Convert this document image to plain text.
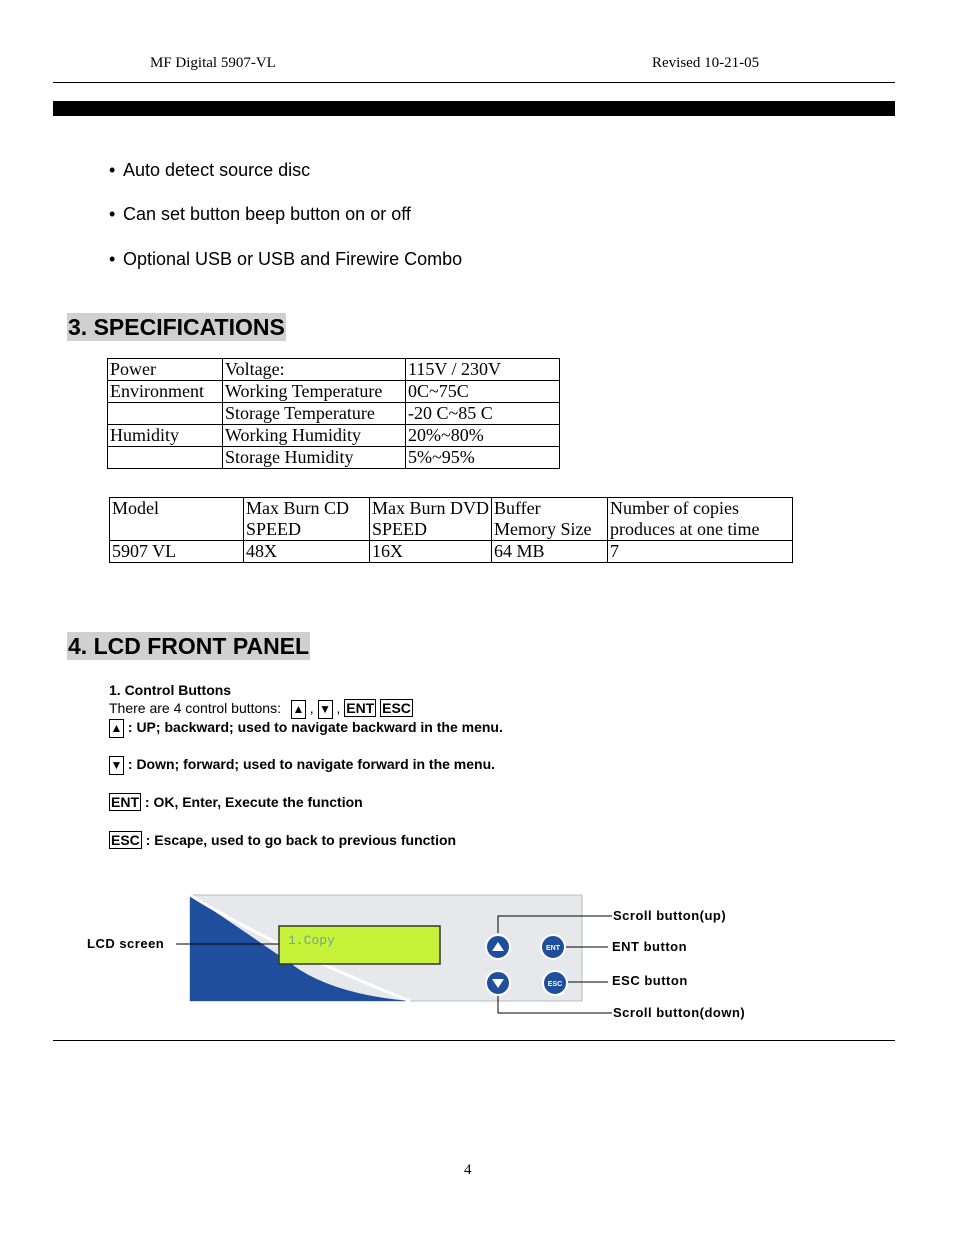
MF Digital 5907-VL	Revised 10-21-05
• Auto detect source disc
• Can set button beep button on or off
• Optional USB or USB and Firewire Combo
3. SPECIFICATIONS
Power	Voltage:	115V / 230V
Environment	Working Temperature	0C~75C
	Storage Temperature	-20 C~85 C
Humidity	Working Humidity	20%~80%
	Storage Humidity	5%~95%
Model	Max Burn CD SPEED	Max Burn DVD SPEED	Buffer Memory Size	Number of copies produces at one time
5907 VL	48X	16X	64 MB	7
4. LCD FRONT PANEL
1. Control Buttons
There are 4 control buttons: ▲ , ▼ , ENT ESC
▲ : UP; backward; used to navigate backward in the menu.
▼ : Down; forward; used to navigate forward in the menu.
ENT : OK, Enter, Execute the function
ESC : Escape, used to go back to previous function
1.Copy
ENT
ESC
LCD screen
Scroll button(up)
ENT button
ESC button
Scroll button(down)
4
